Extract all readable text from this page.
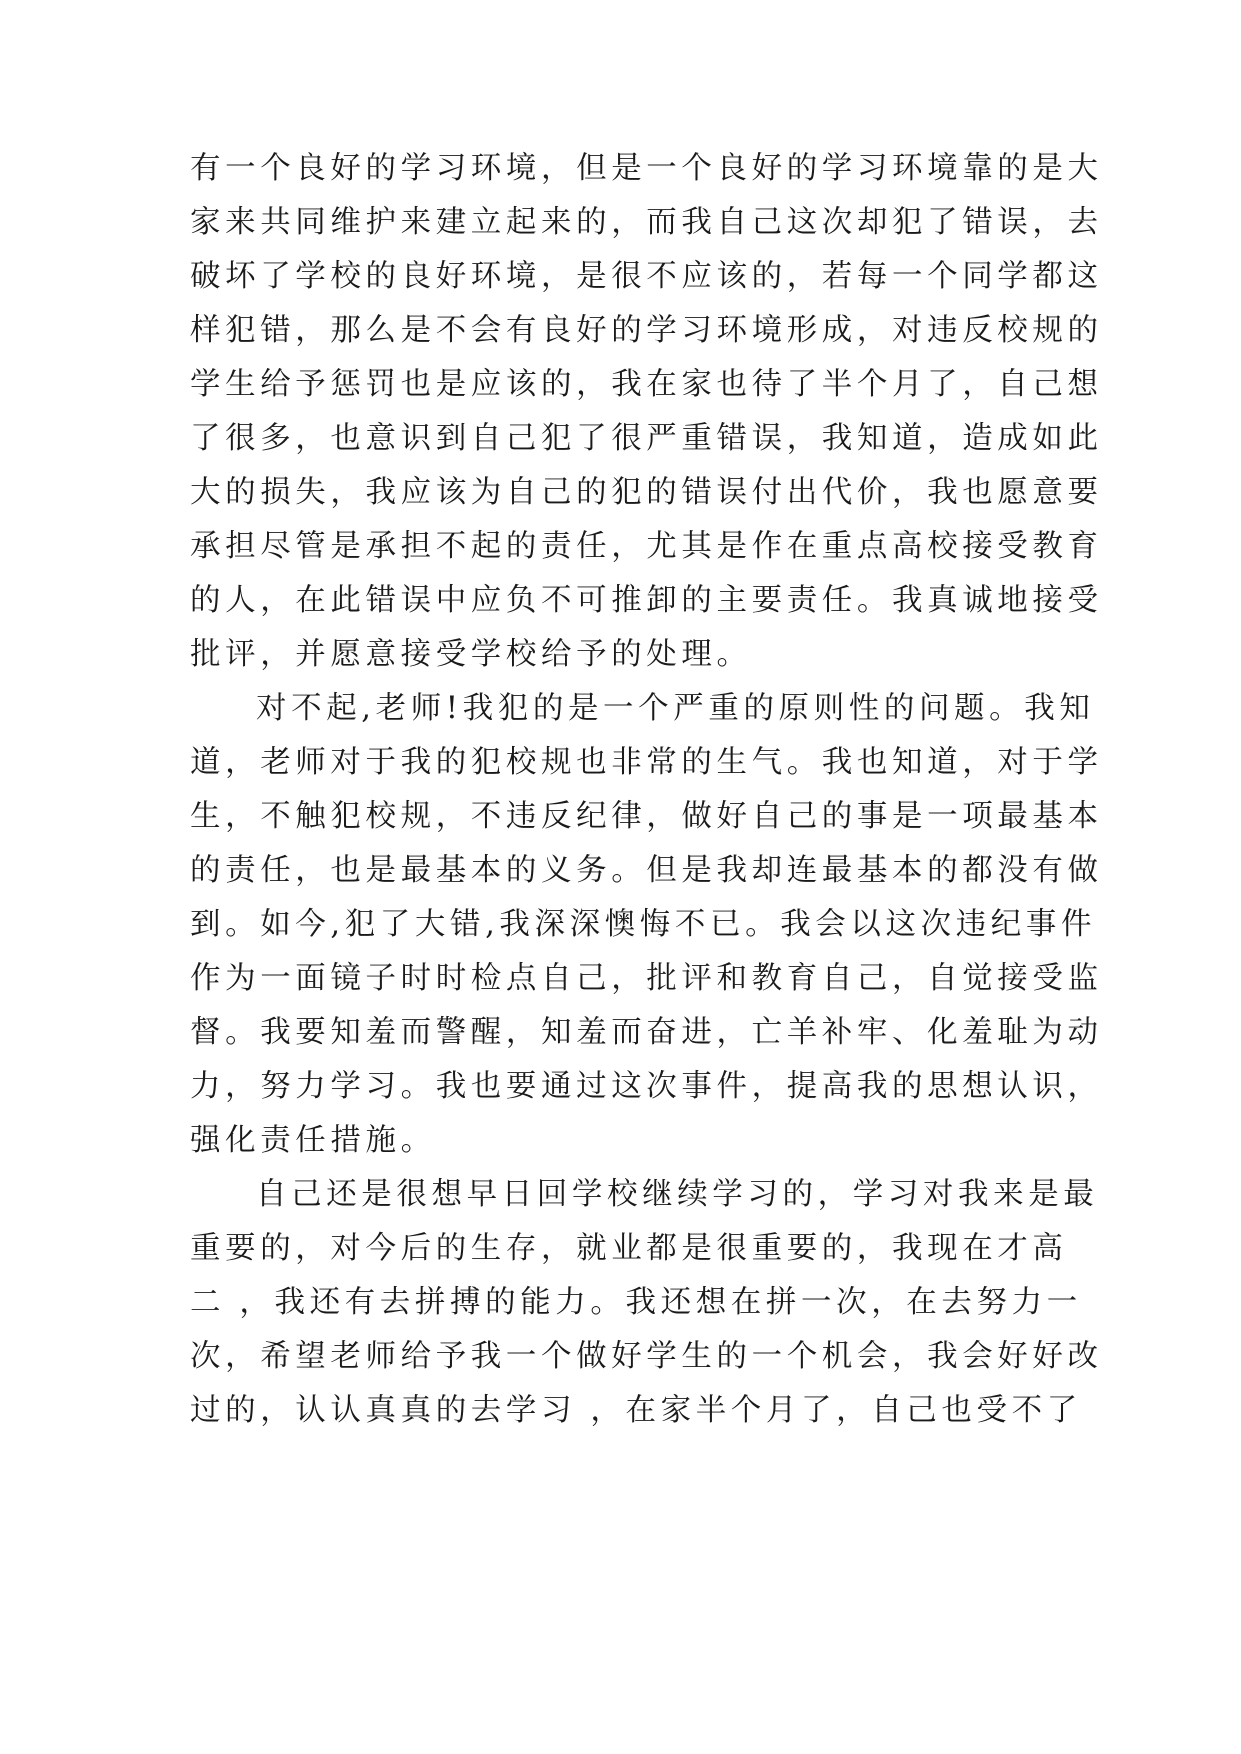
有一个良好的学习环境，但是一个良好的学习环境靠的是大
家来共同维护来建立起来的，而我自己这次却犯了错误，去
破坏了学校的良好环境，是很不应该的，若每一个同学都这
样犯错，那么是不会有良好的学习环境形成，对违反校规的
学生给予惩罚也是应该的，我在家也待了半个月了，自己想
了很多，也意识到自己犯了很严重错误，我知道，造成如此
大的损失，我应该为自己的犯的错误付出代价，我也愿意要
承担尽管是承担不起的责任，尤其是作在重点高校接受教育
的人，在此错误中应负不可推卸的主要责任。我真诚地接受
批评，并愿意接受学校给予的处理。
对不起,老师!我犯的是一个严重的原则性的问题。我知
道，老师对于我的犯校规也非常的生气。我也知道，对于学
生，不触犯校规，不违反纪律，做好自己的事是一项最基本
的责任，也是最基本的义务。但是我却连最基本的都没有做
到。如今,犯了大错,我深深懊悔不已。我会以这次违纪事件
作为一面镜子时时检点自己，批评和教育自己，自觉接受监
督。我要知羞而警醒，知羞而奋进，亡羊补牢、化羞耻为动
力，努力学习。我也要通过这次事件，提高我的思想认识，
强化责任措施。
自己还是很想早日回学校继续学习的，学习对我来是最
重要的，对今后的生存，就业都是很重要的，我现在才高
二 ，我还有去拼搏的能力。我还想在拼一次，在去努力一
次，希望老师给予我一个做好学生的一个机会，我会好好改
过的，认认真真的去学习 ，在家半个月了，自己也受不了
